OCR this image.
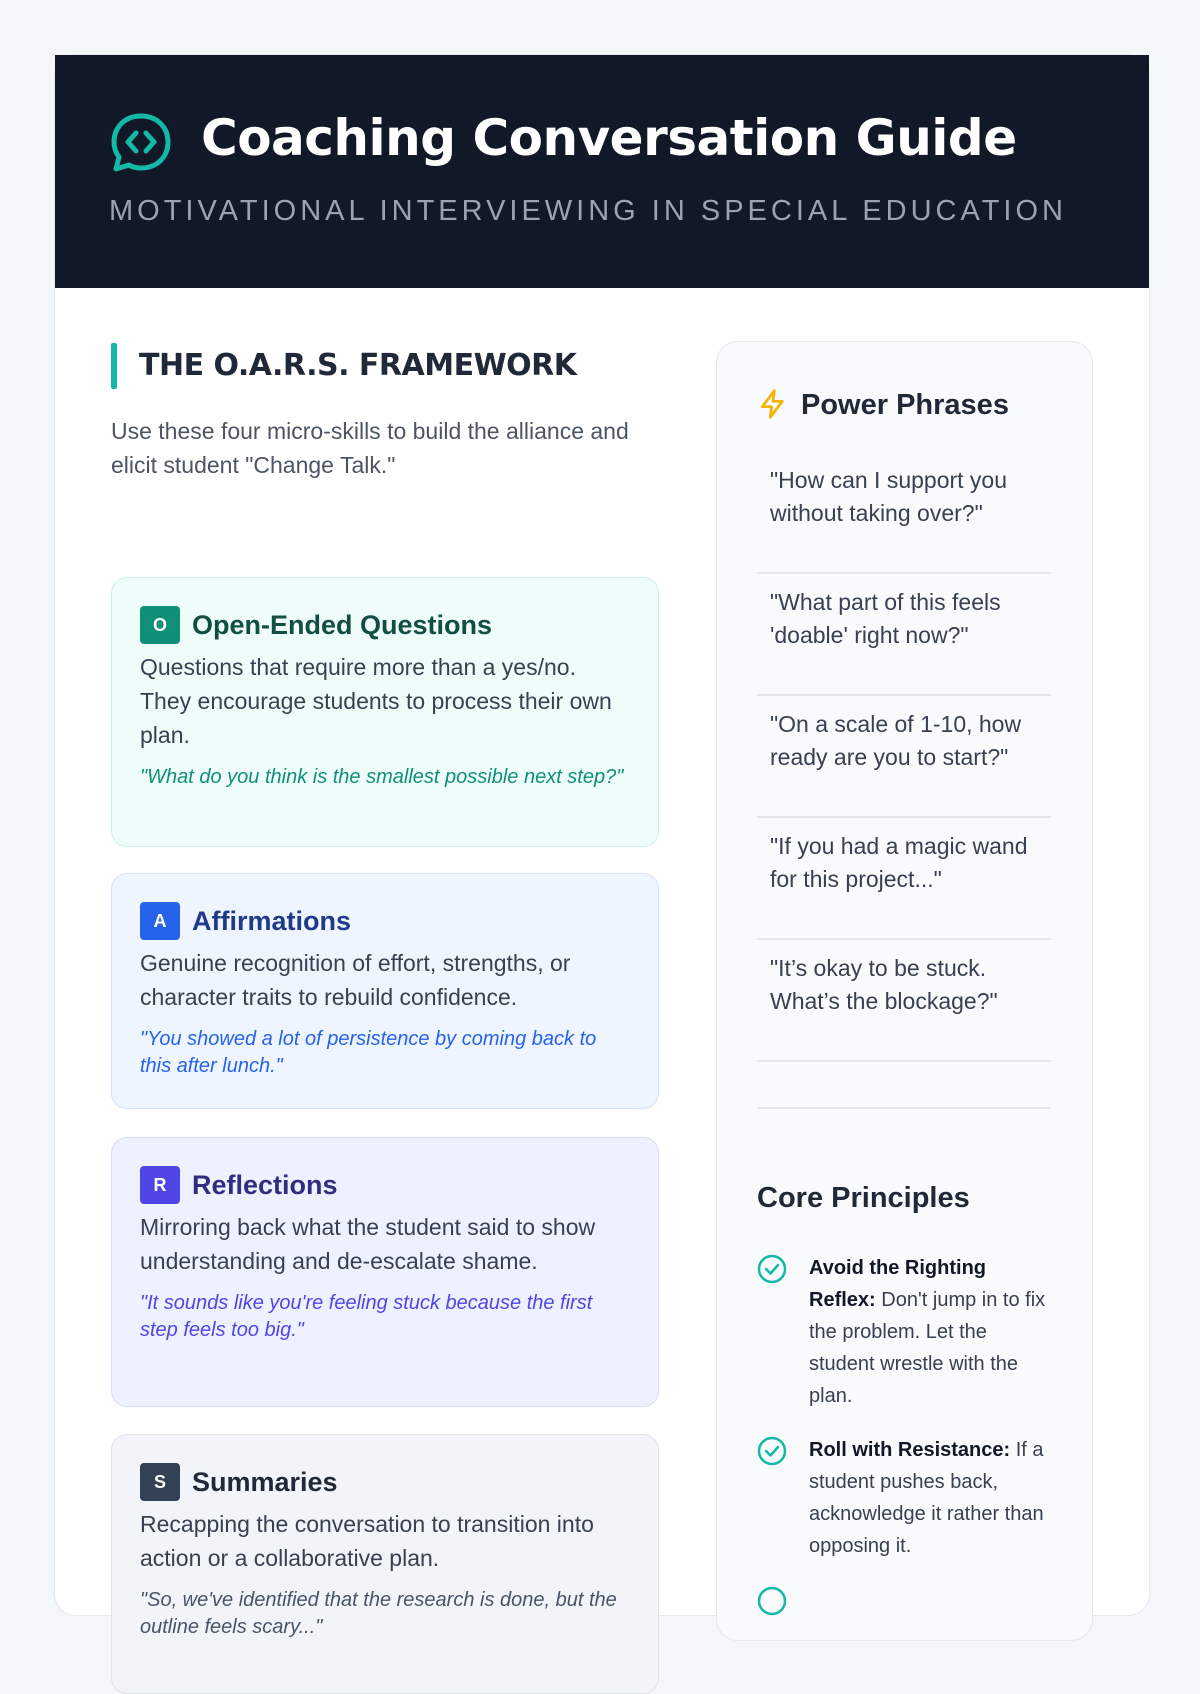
Coaching Conversation Guide
MOTIVATIONAL INTERVIEWING IN SPECIAL EDUCATION
THE O.A.R.S. FRAMEWORK

Use these four micro-skills to build the alliance and elicit student "Change Talk."

O Open-Ended Questions
Questions that require more than a yes/no. They encourage students to process their own plan.
"What do you think is the smallest possible next step?"
A Affirmations
Genuine recognition of effort, strengths, or character traits to rebuild confidence.
"You showed a lot of persistence by coming back to this after lunch."
R Reflections
Mirroring back what the student said to show understanding and de-escalate shame.
"It sounds like you're feeling stuck because the first step feels too big."
S Summaries
Recapping the conversation to transition into action or a collaborative plan.
"So, we've identified that the research is done, but the outline feels scary..."
Power Phrases
"How can I support you without taking over?"
"What part of this feels 'doable' right now?"
"On a scale of 1-10, how ready are you to start?"
"If you had a magic wand for this project..."
"It’s okay to be stuck. What’s the blockage?"
Core Principles
Avoid the Righting Reflex: Don't jump in to fix the problem. Let the student wrestle with the plan.
Roll with Resistance: If a student pushes back, acknowledge it rather than opposing it.
